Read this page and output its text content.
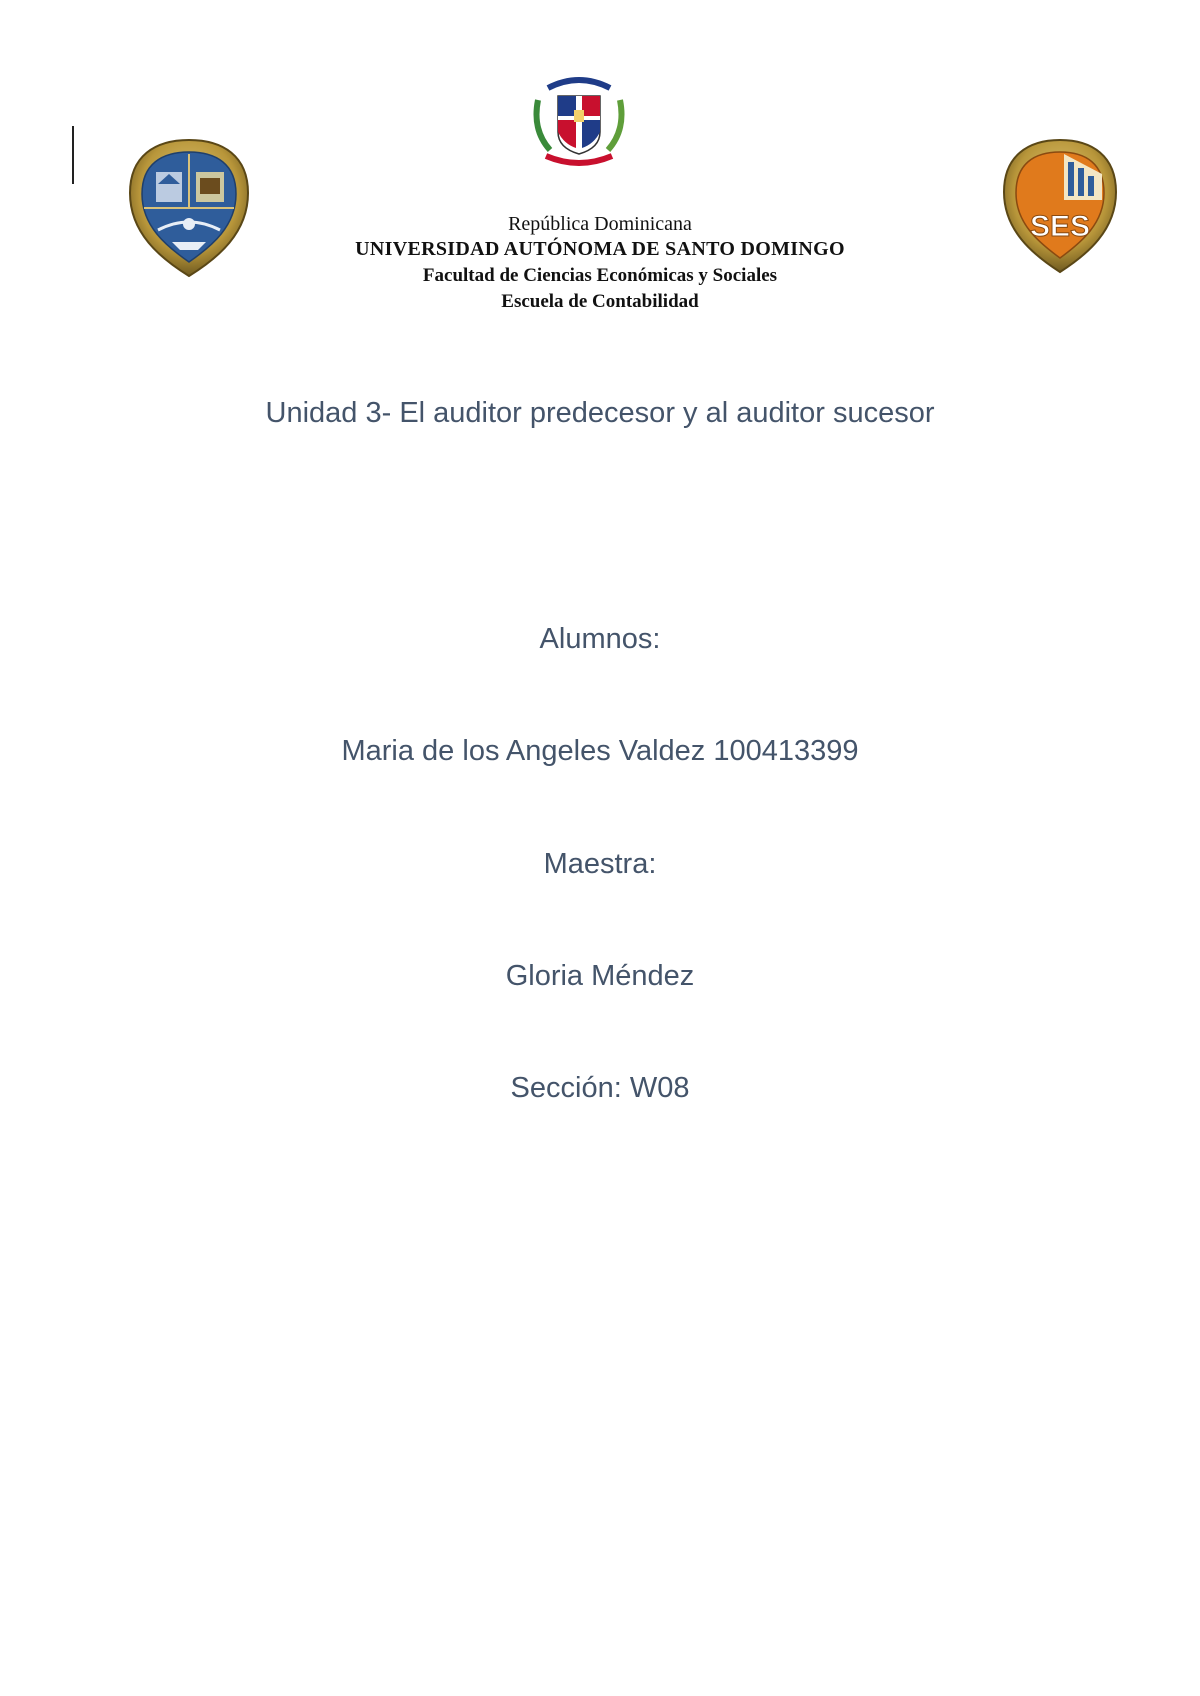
SES
República Dominicana
UNIVERSIDAD AUTÓNOMA DE SANTO DOMINGO
Facultad de Ciencias Económicas y Sociales
Escuela de Contabilidad
Unidad 3- El auditor predecesor y al auditor sucesor
Alumnos:
Maria de los Angeles Valdez 100413399
Maestra:
Gloria Méndez
Sección: W08
